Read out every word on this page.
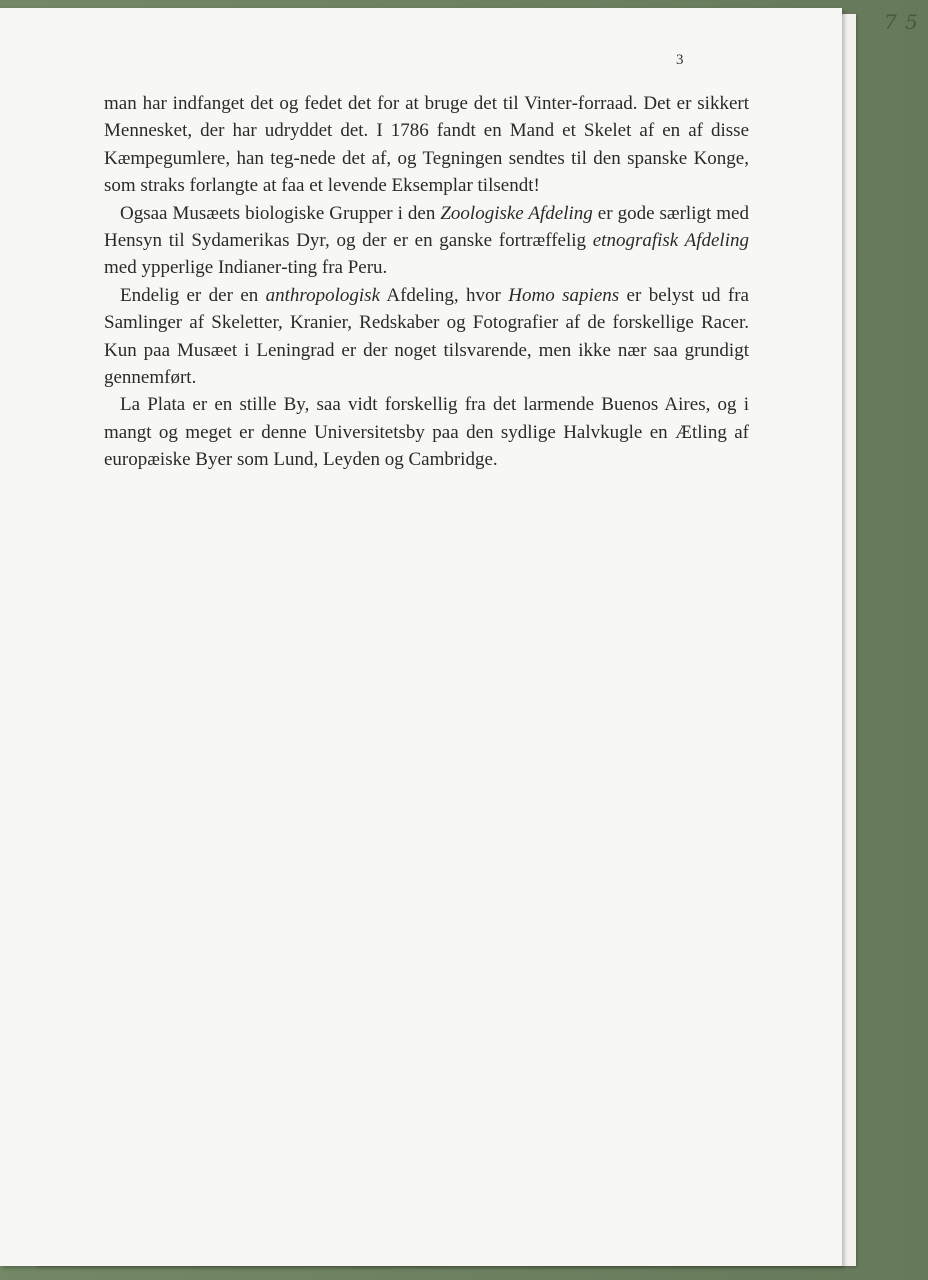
3

man har indfanget det og fedet det for at bruge det til Vinter‑forraad. Det er sikkert Mennesket, der har udryddet det. I 1786 fandt en Mand et Skelet af en af disse Kæmpegumlere, han teg‑nede det af, og Tegningen sendtes til den spanske Konge, som straks forlangte at faa et levende Eksemplar tilsendt!

Ogsaa Musæets biologiske Grupper i den Zoologiske Afdeling er gode særligt med Hensyn til Sydamerikas Dyr, og der er en ganske fortræffelig etnografisk Afdeling med ypperlige Indianer‑ting fra Peru.

Endelig er der en anthropologisk Afdeling, hvor Homo sapiens er belyst ud fra Samlinger af Skeletter, Kranier, Redskaber og Fotografier af de forskellige Racer. Kun paa Musæet i Leningrad er der noget tilsvarende, men ikke nær saa grundigt gennemført.

La Plata er en stille By, saa vidt forskellig fra det larmende Buenos Aires, og i mangt og meget er denne Universitetsby paa den sydlige Halvkugle en Ætling af europæiske Byer som Lund, Leyden og Cambridge.

7 5
